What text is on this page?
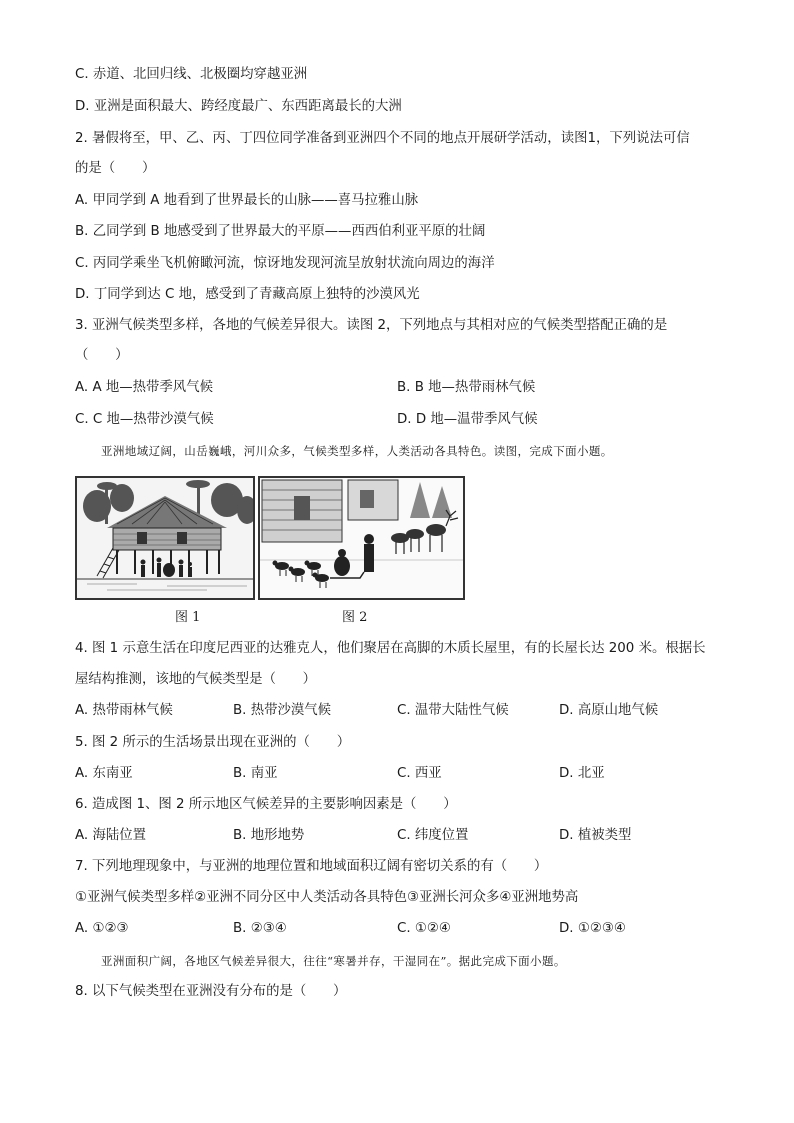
C. 赤道、北回归线、北极圈均穿越亚洲
D. 亚洲是面积最大、跨经度最广、东西距离最长的大洲
2. 暑假将至，甲、乙、丙、丁四位同学准备到亚洲四个不同的地点开展研学活动，读图1，下列说法可信
的是（　　）
A. 甲同学到 A 地看到了世界最长的山脉——喜马拉雅山脉
B. 乙同学到 B 地感受到了世界最大的平原——西西伯利亚平原的壮阔
C. 丙同学乘坐飞机俯瞰河流，惊讶地发现河流呈放射状流向周边的海洋
D. 丁同学到达 C 地，感受到了青藏高原上独特的沙漠风光
3. 亚洲气候类型多样，各地的气候差异很大。读图 2，下列地点与其相对应的气候类型搭配正确的是
（　　）
A. A 地—热带季风气候	B. B 地—热带雨林气候
C. C 地—热带沙漠气候	D. D 地—温带季风气候
亚洲地域辽阔，山岳巍峨，河川众多，气候类型多样，人类活动各具特色。读图，完成下面小题。
图 1	图 2
4. 图 1 示意生活在印度尼西亚的达雅克人，他们聚居在高脚的木质长屋里，有的长屋长达 200 米。根据长
屋结构推测，该地的气候类型是（　　）
A. 热带雨林气候	B. 热带沙漠气候	C. 温带大陆性气候	D. 高原山地气候
5. 图 2 所示的生活场景出现在亚洲的（　　）
A. 东南亚	B. 南亚	C. 西亚	D. 北亚
6. 造成图 1、图 2 所示地区气候差异的主要影响因素是（　　）
A. 海陆位置	B. 地形地势	C. 纬度位置	D. 植被类型
7. 下列地理现象中，与亚洲的地理位置和地域面积辽阔有密切关系的有（　　）
①亚洲气候类型多样②亚洲不同分区中人类活动各具特色③亚洲长河众多④亚洲地势高
A. ①②③	B. ②③④	C. ①②④	D. ①②③④
亚洲面积广阔，各地区气候差异很大，往往“寒暑并存，干湿同在”。据此完成下面小题。
8. 以下气候类型在亚洲没有分布的是（　　）
